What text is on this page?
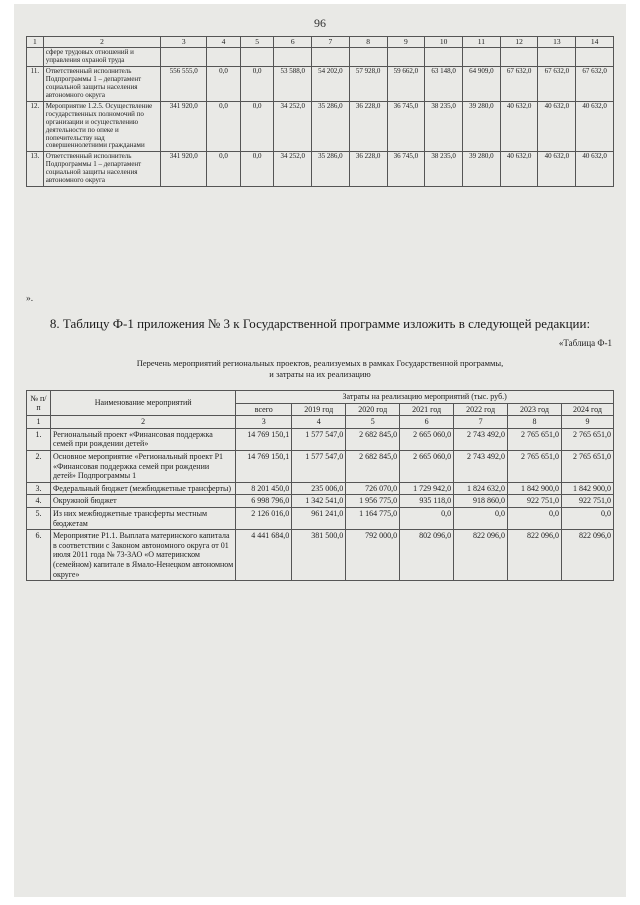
96
1	2	3	4	5	6	7	8	9	10	11	12	13	14
	сфере трудовых отношений и управления охраной труда												
11.	Ответственный исполнитель Подпрограммы 1 – департамент социальной защиты населения автономного округа	556 555,0	0,0	0,0	53 588,0	54 202,0	57 928,0	59 662,0	63 148,0	64 909,0	67 632,0	67 632,0	67 632,0
12.	Мероприятие 1.2.5. Осуществление государственных полномочий по организации и осуществлению деятельности по опеке и попечительству над совершеннолетними гражданами	341 920,0	0,0	0,0	34 252,0	35 286,0	36 228,0	36 745,0	38 235,0	39 280,0	40 632,0	40 632,0	40 632,0
13.	Ответственный исполнитель Подпрограммы 1 – департамент социальной защиты населения автономного округа	341 920,0	0,0	0,0	34 252,0	35 286,0	36 228,0	36 745,0	38 235,0	39 280,0	40 632,0	40 632,0	40 632,0
».
8. Таблицу Ф-1 приложения № 3 к Государственной программе изложить в следующей редакции:
«Таблица Ф-1
Перечень мероприятий региональных проектов, реализуемых в рамках Государственной программы,
и затраты на их реализацию
№ п/п	Наименование мероприятий	Затраты на реализацию мероприятий (тыс. руб.)						
		всего	2019 год	2020 год	2021 год	2022 год	2023 год	2024 год
1	2	3	4	5	6	7	8	9
1.	Региональный проект «Финансовая поддержка семей при рождении детей»	14 769 150,1	1 577 547,0	2 682 845,0	2 665 060,0	2 743 492,0	2 765 651,0	2 765 651,0
2.	Основное мероприятие «Региональный проект P1 «Финансовая поддержка семей при рождении детей» Подпрограммы 1	14 769 150,1	1 577 547,0	2 682 845,0	2 665 060,0	2 743 492,0	2 765 651,0	2 765 651,0
3.	Федеральный бюджет (межбюджетные трансферты)	8 201 450,0	235 006,0	726 070,0	1 729 942,0	1 824 632,0	1 842 900,0	1 842 900,0
4.	Окружной бюджет	6 998 796,0	1 342 541,0	1 956 775,0	935 118,0	918 860,0	922 751,0	922 751,0
5.	Из них межбюджетные трансферты местным бюджетам	2 126 016,0	961 241,0	1 164 775,0	0,0	0,0	0,0	0,0
6.	Мероприятие P1.1. Выплата материнского капитала в соответствии с Законом автономного округа от 01 июля 2011 года № 73-ЗАО «О материнском (семейном) капитале в Ямало-Ненецком автономном округе»	4 441 684,0	381 500,0	792 000,0	802 096,0	822 096,0	822 096,0	822 096,0
